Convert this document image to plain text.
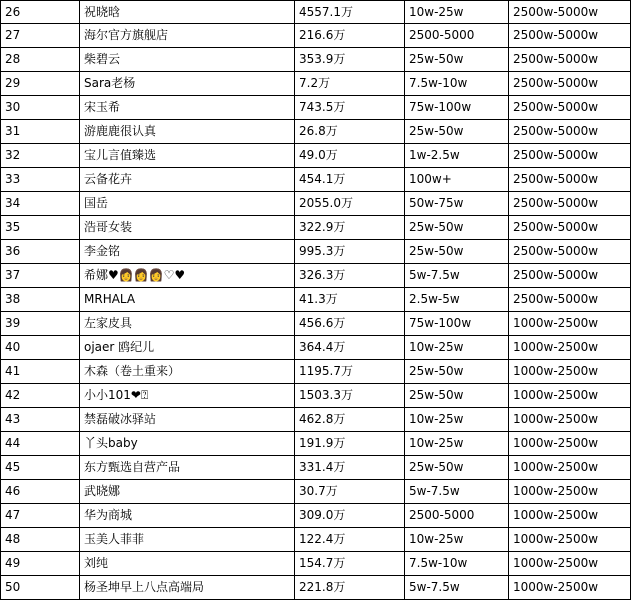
26	祝晓晗	4557.1万	10w-25w	2500w-5000w
27	海尔官方旗舰店	216.6万	2500-5000	2500w-5000w
28	柴碧云	353.9万	25w-50w	2500w-5000w
29	Sara老杨	7.2万	7.5w-10w	2500w-5000w
30	宋玉希	743.5万	75w-100w	2500w-5000w
31	游鹿鹿很认真	26.8万	25w-50w	2500w-5000w
32	宝儿言值臻选	49.0万	1w-2.5w	2500w-5000w
33	云备花卉	454.1万	100w+	2500w-5000w
34	国岳	2055.0万	50w-75w	2500w-5000w
35	浩哥女装	322.9万	25w-50w	2500w-5000w
36	李金铭	995.3万	25w-50w	2500w-5000w
37	希娜♥👩👩👩♡♥	326.3万	5w-7.5w	2500w-5000w
38	MRHALA	41.3万	2.5w-5w	2500w-5000w
39	左家皮具	456.6万	75w-100w	1000w-2500w
40	ojaer 鸥纪儿	364.4万	10w-25w	1000w-2500w
41	木森（卷土重来）	1195.7万	25w-50w	1000w-2500w
42	小小101❤⍰	1503.3万	25w-50w	1000w-2500w
43	禁磊破冰驿站	462.8万	10w-25w	1000w-2500w
44	丫头baby	191.9万	10w-25w	1000w-2500w
45	东方甄选自营产品	331.4万	25w-50w	1000w-2500w
46	武晓娜	30.7万	5w-7.5w	1000w-2500w
47	华为商城	309.0万	2500-5000	1000w-2500w
48	玉美人菲菲	122.4万	10w-25w	1000w-2500w
49	刘纯	154.7万	7.5w-10w	1000w-2500w
50	杨圣坤早上八点高端局	221.8万	5w-7.5w	1000w-2500w
